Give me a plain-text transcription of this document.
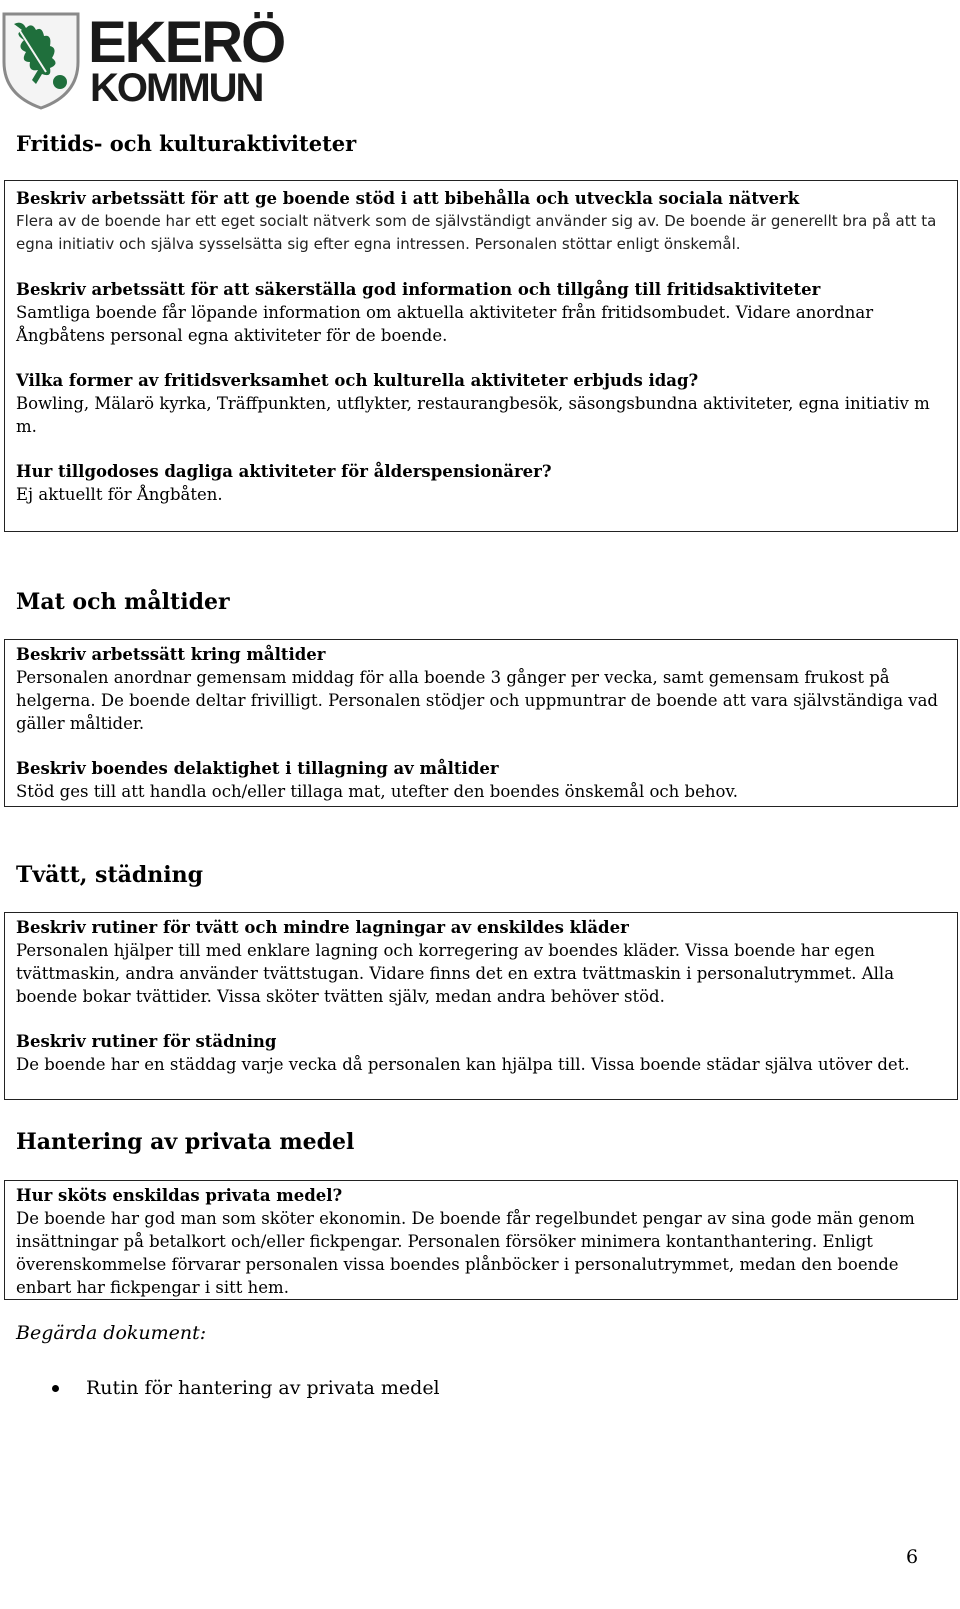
EKERÖ
KOMMUN
Fritids- och kulturaktiviteter

Beskriv arbetssätt för att ge boende stöd i att bibehålla och utveckla sociala nätverk

Flera av de boende har ett eget socialt nätverk som de självständigt använder sig av. De boende är generellt bra på att ta egna initiativ och själva sysselsätta sig efter egna intressen. Personalen stöttar enligt önskemål.

Beskriv arbetssätt för att säkerställa god information och tillgång till fritidsaktiviteter

Samtliga boende får löpande information om aktuella aktiviteter från fritidsombudet. Vidare anordnar Ångbåtens personal egna aktiviteter för de boende.

Vilka former av fritidsverksamhet och kulturella aktiviteter erbjuds idag?

Bowling, Mälarö kyrka, Träffpunkten, utflykter, restaurangbesök, säsongsbundna aktiviteter, egna initiativ m m.

Hur tillgodoses dagliga aktiviteter för ålderspensionärer?

Ej aktuellt för Ångbåten.

Mat och måltider

Beskriv arbetssätt kring måltider

Personalen anordnar gemensam middag för alla boende 3 gånger per vecka, samt gemensam frukost på helgerna. De boende deltar frivilligt. Personalen stödjer och uppmuntrar de boende att vara självständiga vad gäller måltider.

Beskriv boendes delaktighet i tillagning av måltider

Stöd ges till att handla och/eller tillaga mat, utefter den boendes önskemål och behov.

Tvätt, städning

Beskriv rutiner för tvätt och mindre lagningar av enskildes kläder

Personalen hjälper till med enklare lagning och korregering av boendes kläder. Vissa boende har egen tvättmaskin, andra använder tvättstugan. Vidare finns det en extra tvättmaskin i personalutrymmet. Alla boende bokar tvättider. Vissa sköter tvätten själv, medan andra behöver stöd.

Beskriv rutiner för städning

De boende har en städdag varje vecka då personalen kan hjälpa till. Vissa boende städar själva utöver det.

Hantering av privata medel

Hur sköts enskildas privata medel?

De boende har god man som sköter ekonomin. De boende får regelbundet pengar av sina gode män genom insättningar på betalkort och/eller fickpengar. Personalen försöker minimera kontanthantering. Enligt överenskommelse förvarar personalen vissa boendes plånböcker i personalutrymmet, medan den boende enbart har fickpengar i sitt hem.

Begärda dokument:

Rutin för hantering av privata medel
6
